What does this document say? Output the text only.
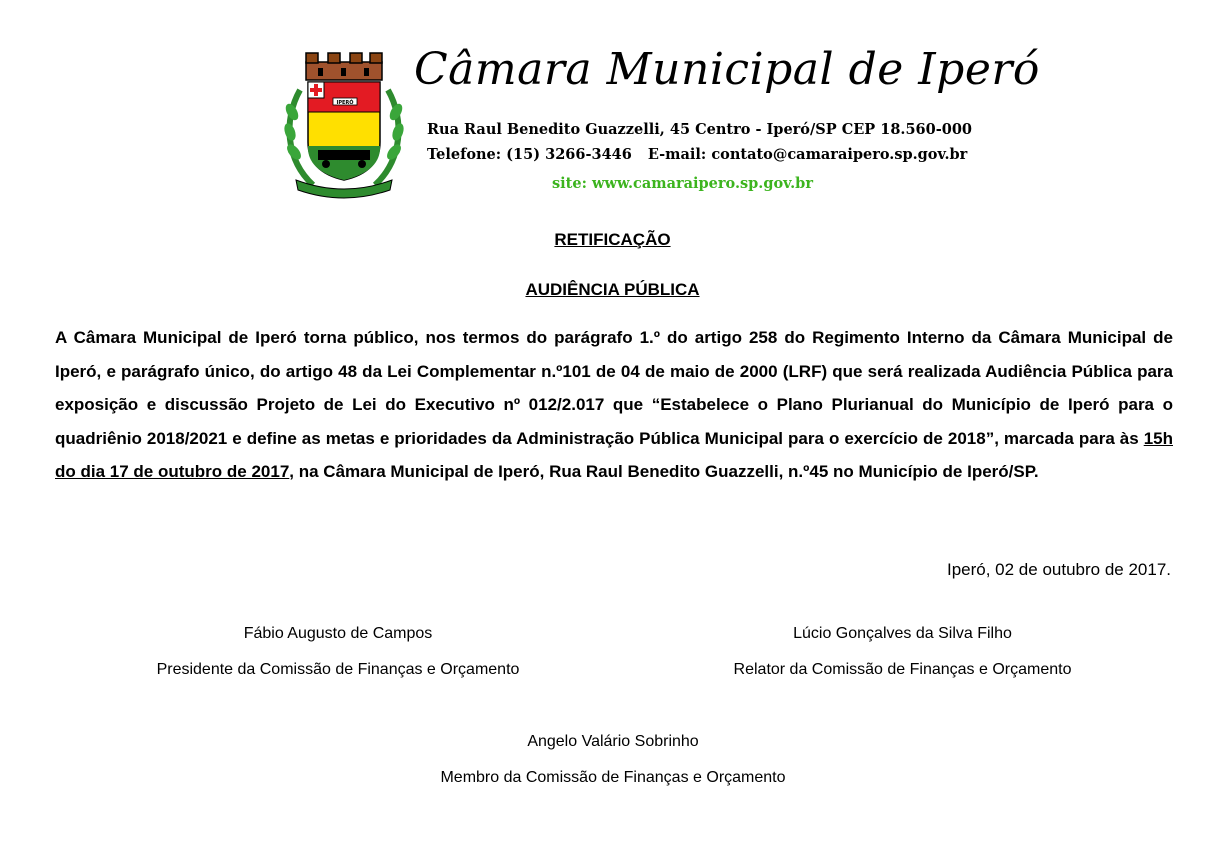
IPERÓ
Câmara Municipal de Iperó
Rua Raul Benedito Guazzelli, 45 Centro - Iperó/SP CEP 18.560-000
Telefone: (15) 3266-3446 E-mail: contato@camaraipero.sp.gov.br
site: www.camaraipero.sp.gov.br
RETIFICAÇÃO
AUDIÊNCIA PÚBLICA

A Câmara Municipal de Iperó torna público, nos termos do parágrafo 1.º do artigo 258 do Regimento Interno da Câmara Municipal de Iperó, e parágrafo único, do artigo 48 da Lei Complementar n.º101 de 04 de maio de 2000 (LRF) que será realizada Audiência Pública para exposição e discussão Projeto de Lei do Executivo nº 012/2.017 que “Estabelece o Plano Plurianual do Município de Iperó para o quadriênio 2018/2021 e define as metas e prioridades da Administração Pública Municipal para o exercício de 2018”, marcada para às 15h do dia 17 de outubro de 2017, na Câmara Municipal de Iperó, Rua Raul Benedito Guazzelli, n.º45 no Município de Iperó/SP.

Iperó, 02 de outubro de 2017.
Fábio Augusto de Campos
Presidente da Comissão de Finanças e Orçamento
Lúcio Gonçalves da Silva Filho
Relator da Comissão de Finanças e Orçamento
Angelo Valário Sobrinho
Membro da Comissão de Finanças e Orçamento
